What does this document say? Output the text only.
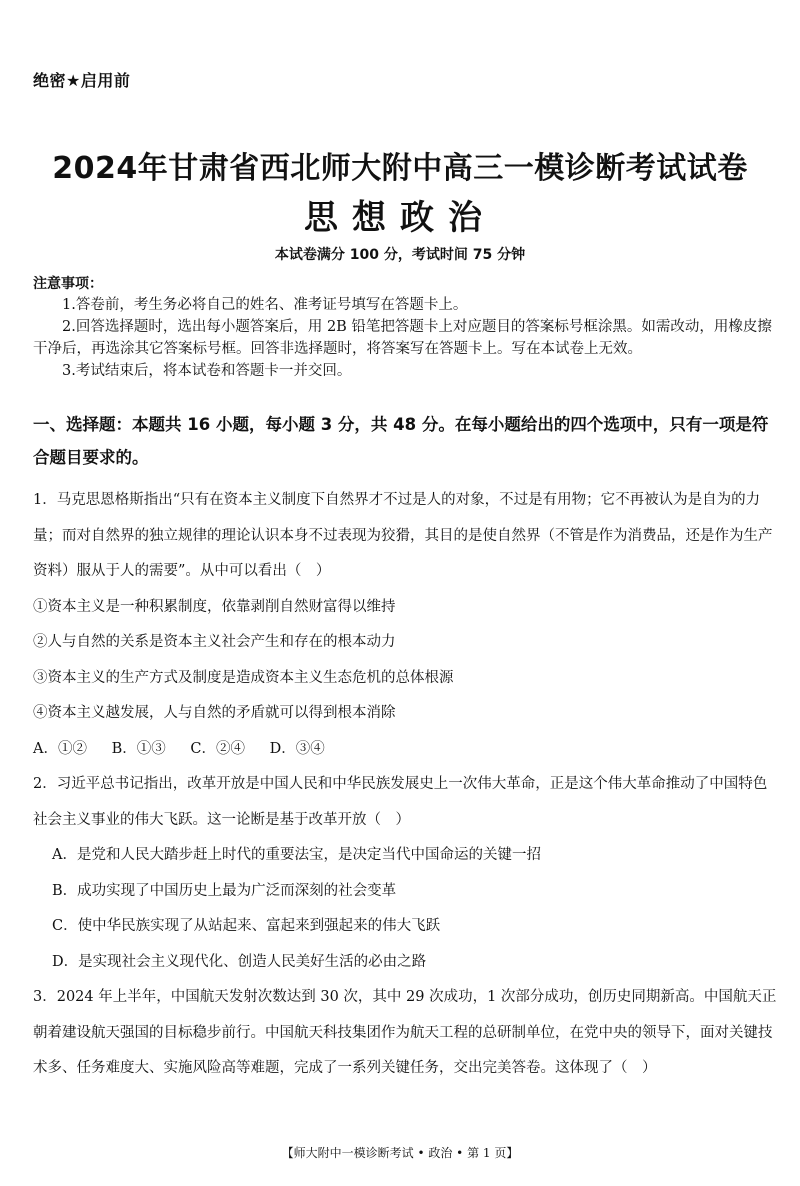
绝密★启用前
2024年甘肃省西北师大附中高三一模诊断考试试卷
思想政治
本试卷满分 100 分，考试时间 75 分钟
注意事项：

1.答卷前，考生务必将自己的姓名、准考证号填写在答题卡上。

2.回答选择题时，选出每小题答案后，用 2B 铅笔把答题卡上对应题目的答案标号框涂黑。如需改动，用橡皮擦干净后，再选涂其它答案标号框。回答非选择题时，将答案写在答题卡上。写在本试卷上无效。

3.考试结束后，将本试卷和答题卡一并交回。

一、选择题：本题共 16 小题，每小题 3 分，共 48 分。在每小题给出的四个选项中，只有一项是符合题目要求的。

1．马克思恩格斯指出“只有在资本主义制度下自然界才不过是人的对象，不过是有用物；它不再被认为是自为的力量；而对自然界的独立规律的理论认识本身不过表现为狡猾，其目的是使自然界（不管是作为消费品，还是作为生产资料）服从于人的需要”。从中可以看出（　）

①资本主义是一种积累制度，依靠剥削自然财富得以维持

②人与自然的关系是资本主义社会产生和存在的根本动力

③资本主义的生产方式及制度是造成资本主义生态危机的总体根源

④资本主义越发展，人与自然的矛盾就可以得到根本消除

A．①② B．①③ C．②④ D．③④

2．习近平总书记指出，改革开放是中国人民和中华民族发展史上一次伟大革命，正是这个伟大革命推动了中国特色社会主义事业的伟大飞跃。这一论断是基于改革开放（　）

A．是党和人民大踏步赶上时代的重要法宝，是决定当代中国命运的关键一招

B．成功实现了中国历史上最为广泛而深刻的社会变革

C．使中华民族实现了从站起来、富起来到强起来的伟大飞跃

D．是实现社会主义现代化、创造人民美好生活的必由之路

3．2024 年上半年，中国航天发射次数达到 30 次，其中 29 次成功，1 次部分成功，创历史同期新高。中国航天正朝着建设航天强国的目标稳步前行。中国航天科技集团作为航天工程的总研制单位，在党中央的领导下，面对关键技术多、任务难度大、实施风险高等难题，完成了一系列关键任务，交出完美答卷。这体现了（　）

【师大附中一模诊断考试 • 政治 • 第 1 页】
